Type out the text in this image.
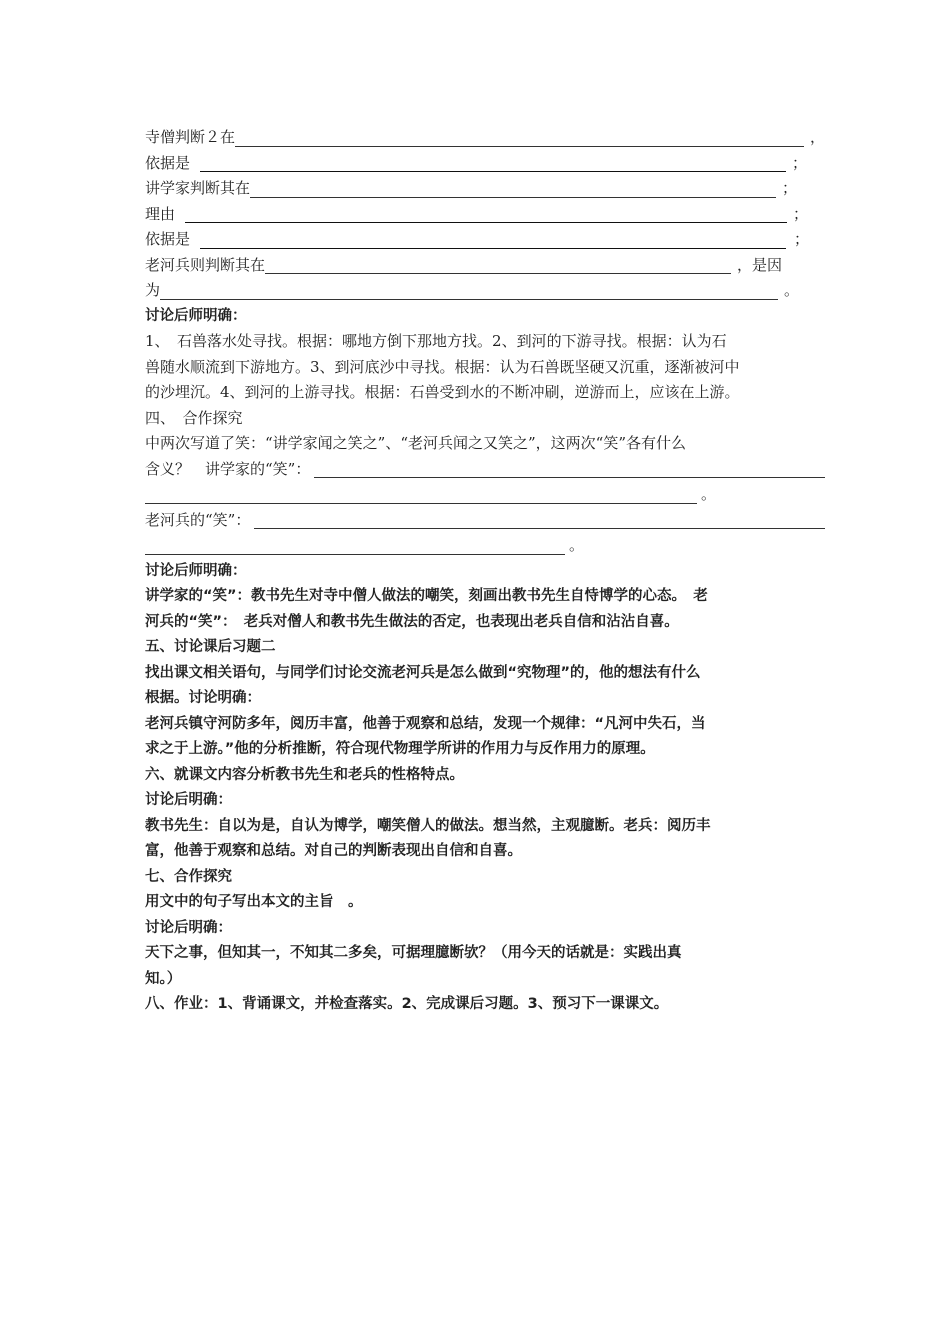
寺僧判断２在	，
依据是	；
讲学家判断其在	；
理由	；
依据是	；
老河兵则判断其在	，是因
为	。
讨论后师明确：
1、　石兽落水处寻找。根据：哪地方倒下那地方找。2、到河的下游寻找。根据：认为石
兽随水顺流到下游地方。3、到河底沙中寻找。根据：认为石兽既坚硬又沉重，逐渐被河中
的沙埋沉。4、到河的上游寻找。根据：石兽受到水的不断冲刷，逆游而上，应该在上游。
四、　合作探究
中两次写道了笑：“讲学家闻之笑之”、“老河兵闻之又笑之”，这两次“笑”各有什么
含义？　讲学家的“笑”：
。
老河兵的“笑”：
。
讨论后师明确：
讲学家的“笑”：教书先生对寺中僧人做法的嘲笑，刻画出教书先生自恃博学的心态。　老
河兵的“笑”：　老兵对僧人和教书先生做法的否定，也表现出老兵自信和沾沾自喜。
五、讨论课后习题二
找出课文相关语句，与同学们讨论交流老河兵是怎么做到“究物理”的，他的想法有什么
根据。讨论明确：
老河兵镇守河防多年，阅历丰富，他善于观察和总结，发现一个规律：“凡河中失石，当
求之于上游。”他的分析推断，符合现代物理学所讲的作用力与反作用力的原理。
六、就课文内容分析教书先生和老兵的性格特点。
讨论后明确：
教书先生：自以为是，自认为博学，嘲笑僧人的做法。想当然，主观臆断。老兵：阅历丰
富，他善于观察和总结。对自己的判断表现出自信和自喜。
七、合作探究
用文中的句子写出本文的主旨　。
讨论后明确：
天下之事，但知其一，不知其二多矣，可据理臆断欤？（用今天的话就是：实践出真
知。）
八、作业：1、背诵课文，并检查落实。2、完成课后习题。3、预习下一课课文。
